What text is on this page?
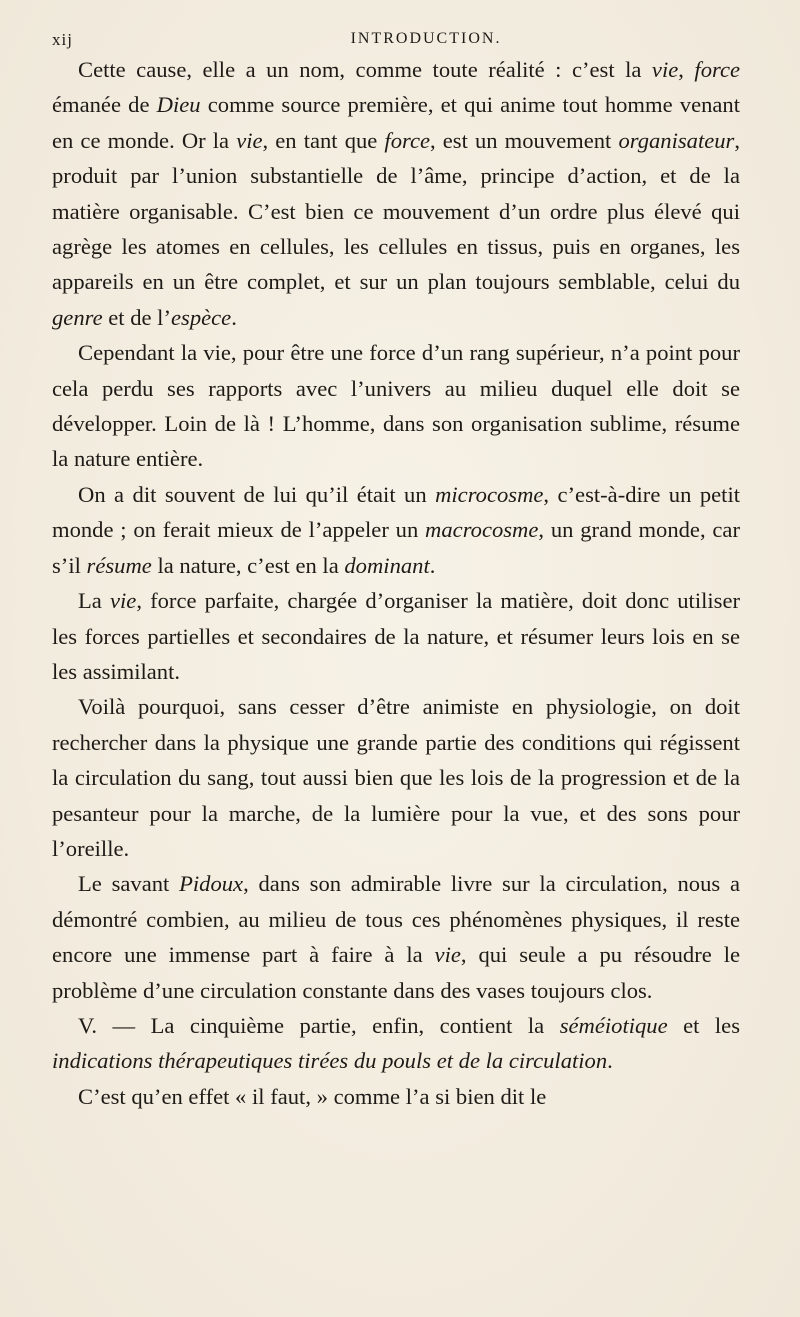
xij	INTRODUCTION.

Cette cause, elle a un nom, comme toute réalité : c’est la vie, force émanée de Dieu comme source première, et qui anime tout homme venant en ce monde. Or la vie, en tant que force, est un mouvement organisateur, produit par l’union substantielle de l’âme, principe d’action, et de la matière organisable. C’est bien ce mouvement d’un ordre plus élevé qui agrège les atomes en cellules, les cellules en tissus, puis en organes, les appareils en un être complet, et sur un plan toujours semblable, celui du genre et de l’espèce.

Cependant la vie, pour être une force d’un rang supérieur, n’a point pour cela perdu ses rapports avec l’univers au milieu duquel elle doit se développer. Loin de là ! L’homme, dans son organisation sublime, résume la nature entière.

On a dit souvent de lui qu’il était un microcosme, c’est-à-dire un petit monde ; on ferait mieux de l’appeler un macrocosme, un grand monde, car s’il résume la nature, c’est en la dominant.

La vie, force parfaite, chargée d’organiser la matière, doit donc utiliser les forces partielles et secondaires de la nature, et résumer leurs lois en se les assimilant.

Voilà pourquoi, sans cesser d’être animiste en physiologie, on doit rechercher dans la physique une grande partie des conditions qui régissent la circulation du sang, tout aussi bien que les lois de la progression et de la pesanteur pour la marche, de la lumière pour la vue, et des sons pour l’oreille.

Le savant Pidoux, dans son admirable livre sur la circulation, nous a démontré combien, au milieu de tous ces phénomènes physiques, il reste encore une immense part à faire à la vie, qui seule a pu résoudre le problème d’une circulation constante dans des vases toujours clos.

V. — La cinquième partie, enfin, contient la séméiotique et les indications thérapeutiques tirées du pouls et de la circulation.

C’est qu’en effet « il faut, » comme l’a si bien dit le
